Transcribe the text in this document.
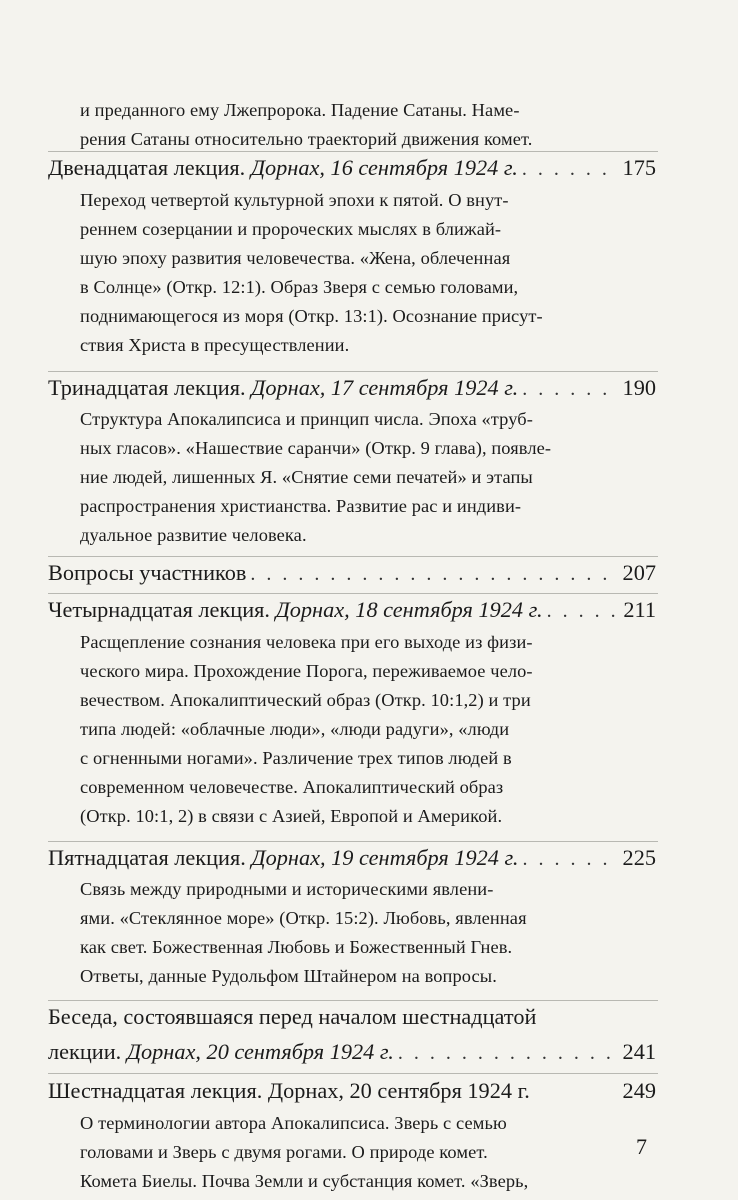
и преданного ему Лжепророка. Падение Сатаны. Наме-
рения Сатаны относительно траекторий движения комет.
Двенадцатая лекция. Дорнах, 16 сентября 1924 г. . . .	175
Переход четвертой культурной эпохи к пятой. О внут-
реннем созерцании и пророческих мыслях в ближай-
шую эпоху развития человечества. «Жена, облеченная
в Солнце» (Откр. 12:1). Образ Зверя с семью головами,
поднимающегося из моря (Откр. 13:1). Осознание присут-
ствия Христа в пресуществлении.
Тринадцатая лекция. Дорнах, 17 сентября 1924 г. . . .	190
Структура Апокалипсиса и принцип числа. Эпоха «труб-
ных гласов». «Нашествие саранчи» (Откр. 9 глава), появле-
ние людей, лишенных Я. «Снятие семи печатей» и этапы
распространения христианства. Развитие рас и индиви-
дуальное развитие человека.
Вопросы участников . . .	207
Четырнадцатая лекция. Дорнах, 18 сентября 1924 г. . . .	211
Расщепление сознания человека при его выходе из физи-
ческого мира. Прохождение Порога, переживаемое чело-
вечеством. Апокалиптический образ (Откр. 10:1,2) и три
типа людей: «облачные люди», «люди радуги», «люди
с огненными ногами». Различение трех типов людей в
современном человечестве. Апокалиптический образ
(Откр. 10:1, 2) в связи с Азией, Европой и Америкой.
Пятнадцатая лекция. Дорнах, 19 сентября 1924 г. . . .	225
Связь между природными и историческими явлени-
ями. «Стеклянное море» (Откр. 15:2). Любовь, явленная
как свет. Божественная Любовь и Божественный Гнев.
Ответы, данные Рудольфом Штайнером на вопросы.
Беседа, состоявшаяся перед началом шестнадцатой
лекции. Дорнах, 20 сентября 1924 г. . . .	241
Шестнадцатая лекция. Дорнах, 20 сентября 1924 г.	249
О терминологии автора Апокалипсиса. Зверь с семью
головами и Зверь с двумя рогами. О природе комет.
Комета Биелы. Почва Земли и субстанция комет. «Зверь,
7
